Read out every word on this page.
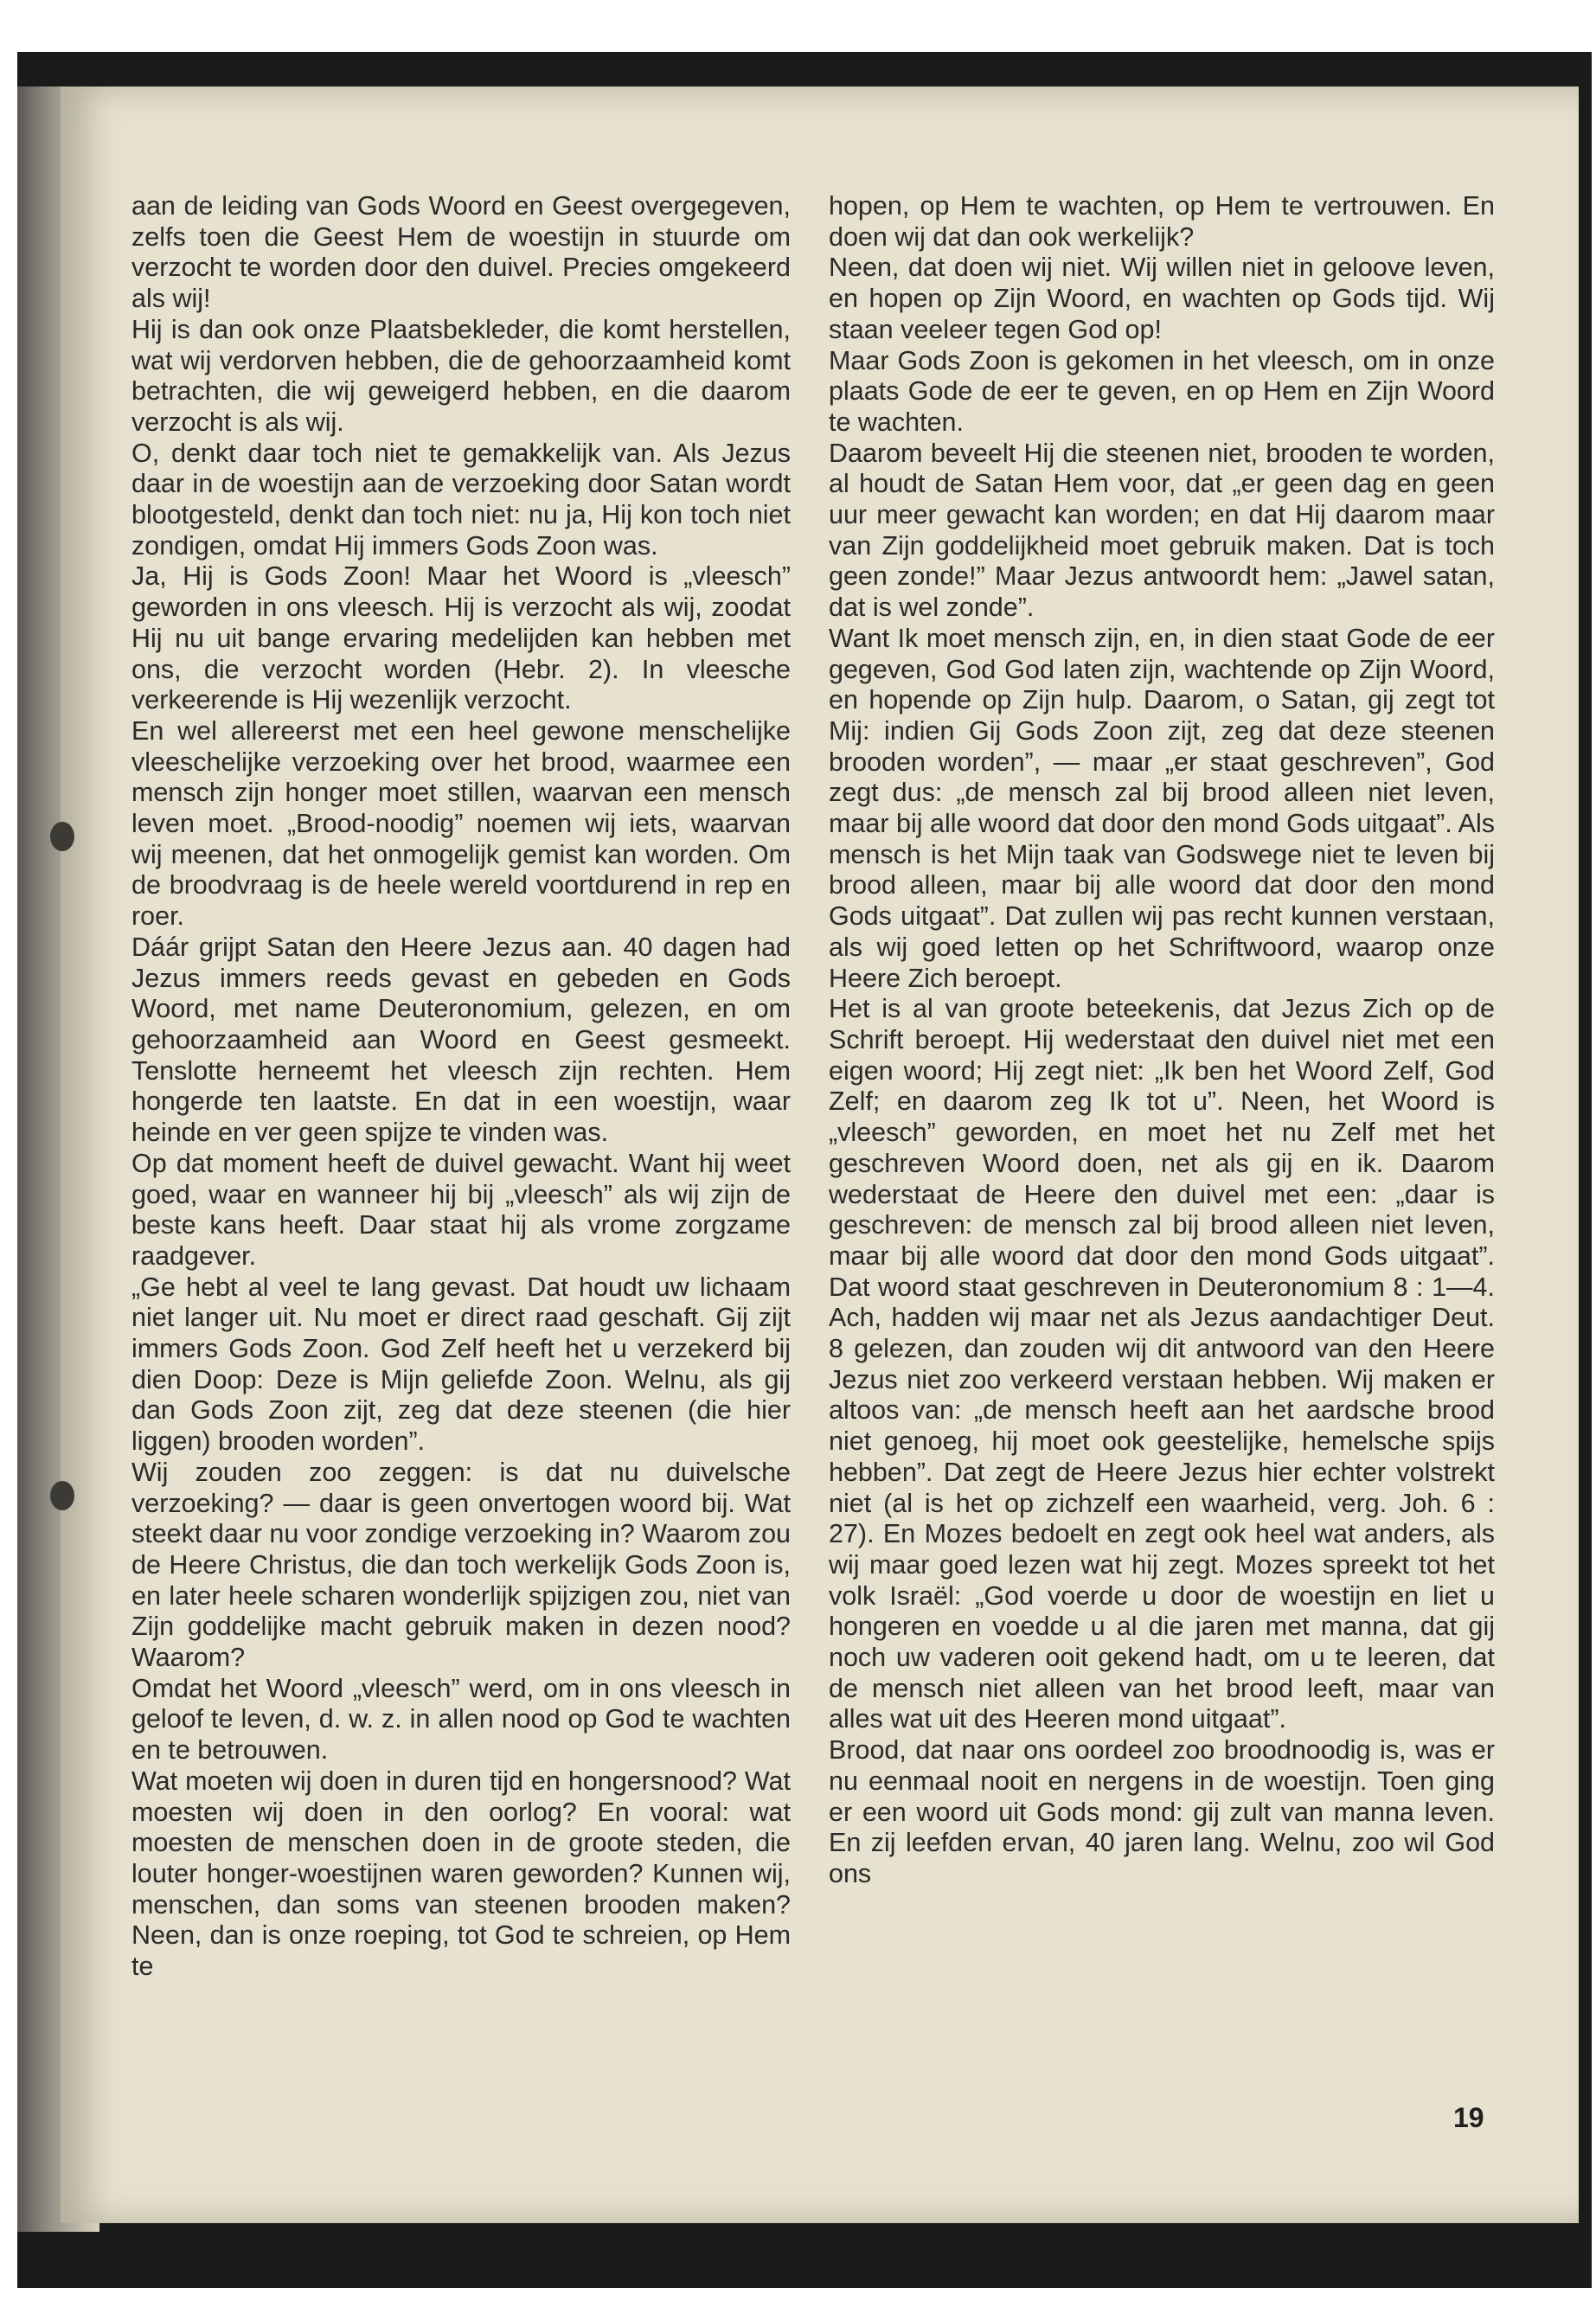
aan de leiding van Gods Woord en Geest overgegeven, zelfs toen die Geest Hem de woestijn in stuurde om verzocht te worden door den duivel. Precies omgekeerd als wij!

Hij is dan ook onze Plaatsbekleder, die komt herstellen, wat wij verdorven hebben, die de gehoorzaamheid komt betrachten, die wij geweigerd hebben, en die daarom verzocht is als wij.

O, denkt daar toch niet te gemakkelijk van. Als Jezus daar in de woestijn aan de verzoeking door Satan wordt blootgesteld, denkt dan toch niet: nu ja, Hij kon toch niet zondigen, omdat Hij immers Gods Zoon was.

Ja, Hij is Gods Zoon! Maar het Woord is „vleesch” geworden in ons vleesch. Hij is verzocht als wij, zoodat Hij nu uit bange ervaring medelijden kan hebben met ons, die verzocht worden (Hebr. 2). In vleesche verkeerende is Hij wezenlijk verzocht.

En wel allereerst met een heel gewone menschelijke vleeschelijke verzoeking over het brood, waarmee een mensch zijn honger moet stillen, waarvan een mensch leven moet. „Brood-noodig” noemen wij iets, waarvan wij meenen, dat het onmogelijk gemist kan worden. Om de broodvraag is de heele wereld voortdurend in rep en roer.

Dáár grijpt Satan den Heere Jezus aan. 40 dagen had Jezus immers reeds gevast en gebeden en Gods Woord, met name Deuteronomium, gelezen, en om gehoorzaamheid aan Woord en Geest gesmeekt. Tenslotte herneemt het vleesch zijn rechten. Hem hongerde ten laatste. En dat in een woestijn, waar heinde en ver geen spijze te vinden was.

Op dat moment heeft de duivel gewacht. Want hij weet goed, waar en wanneer hij bij „vleesch” als wij zijn de beste kans heeft. Daar staat hij als vrome zorgzame raadgever.

„Ge hebt al veel te lang gevast. Dat houdt uw lichaam niet langer uit. Nu moet er direct raad geschaft. Gij zijt immers Gods Zoon. God Zelf heeft het u verzekerd bij dien Doop: Deze is Mijn geliefde Zoon. Welnu, als gij dan Gods Zoon zijt, zeg dat deze steenen (die hier liggen) brooden worden”.

Wij zouden zoo zeggen: is dat nu duivelsche verzoeking? — daar is geen onvertogen woord bij. Wat steekt daar nu voor zondige verzoeking in? Waarom zou de Heere Christus, die dan toch werkelijk Gods Zoon is, en later heele scharen wonderlijk spijzigen zou, niet van Zijn goddelijke macht gebruik maken in dezen nood? Waarom?

Omdat het Woord „vleesch” werd, om in ons vleesch in geloof te leven, d. w. z. in allen nood op God te wachten en te betrouwen.

Wat moeten wij doen in duren tijd en hongersnood? Wat moesten wij doen in den oorlog? En vooral: wat moesten de menschen doen in de groote steden, die louter honger-woestijnen waren geworden? Kunnen wij, menschen, dan soms van steenen brooden maken? Neen, dan is onze roeping, tot God te schreien, op Hem te

hopen, op Hem te wachten, op Hem te vertrouwen. En doen wij dat dan ook werkelijk?

Neen, dat doen wij niet. Wij willen niet in geloove leven, en hopen op Zijn Woord, en wachten op Gods tijd. Wij staan veeleer tegen God op!

Maar Gods Zoon is gekomen in het vleesch, om in onze plaats Gode de eer te geven, en op Hem en Zijn Woord te wachten.

Daarom beveelt Hij die steenen niet, brooden te worden, al houdt de Satan Hem voor, dat „er geen dag en geen uur meer gewacht kan worden; en dat Hij daarom maar van Zijn goddelijkheid moet gebruik maken. Dat is toch geen zonde!” Maar Jezus antwoordt hem: „Jawel satan, dat is wel zonde”.

Want Ik moet mensch zijn, en, in dien staat Gode de eer gegeven, God God laten zijn, wachtende op Zijn Woord, en hopende op Zijn hulp. Daarom, o Satan, gij zegt tot Mij: indien Gij Gods Zoon zijt, zeg dat deze steenen brooden worden”, — maar „er staat geschreven”, God zegt dus: „de mensch zal bij brood alleen niet leven, maar bij alle woord dat door den mond Gods uitgaat”. Als mensch is het Mijn taak van Godswege niet te leven bij brood alleen, maar bij alle woord dat door den mond Gods uitgaat”. Dat zullen wij pas recht kunnen verstaan, als wij goed letten op het Schriftwoord, waarop onze Heere Zich beroept.

Het is al van groote beteekenis, dat Jezus Zich op de Schrift beroept. Hij wederstaat den duivel niet met een eigen woord; Hij zegt niet: „Ik ben het Woord Zelf, God Zelf; en daarom zeg Ik tot u”. Neen, het Woord is „vleesch” geworden, en moet het nu Zelf met het geschreven Woord doen, net als gij en ik. Daarom wederstaat de Heere den duivel met een: „daar is geschreven: de mensch zal bij brood alleen niet leven, maar bij alle woord dat door den mond Gods uitgaat”. Dat woord staat geschreven in Deuteronomium 8 : 1—4. Ach, hadden wij maar net als Jezus aandachtiger Deut. 8 gelezen, dan zouden wij dit antwoord van den Heere Jezus niet zoo verkeerd verstaan hebben. Wij maken er altoos van: „de mensch heeft aan het aardsche brood niet genoeg, hij moet ook geestelijke, hemelsche spijs hebben”. Dat zegt de Heere Jezus hier echter volstrekt niet (al is het op zichzelf een waarheid, verg. Joh. 6 : 27). En Mozes bedoelt en zegt ook heel wat anders, als wij maar goed lezen wat hij zegt. Mozes spreekt tot het volk Israël: „God voerde u door de woestijn en liet u hongeren en voedde u al die jaren met manna, dat gij noch uw vaderen ooit gekend hadt, om u te leeren, dat de mensch niet alleen van het brood leeft, maar van alles wat uit des Heeren mond uitgaat”.

Brood, dat naar ons oordeel zoo broodnoodig is, was er nu eenmaal nooit en nergens in de woestijn. Toen ging er een woord uit Gods mond: gij zult van manna leven. En zij leefden ervan, 40 jaren lang. Welnu, zoo wil God ons

19
